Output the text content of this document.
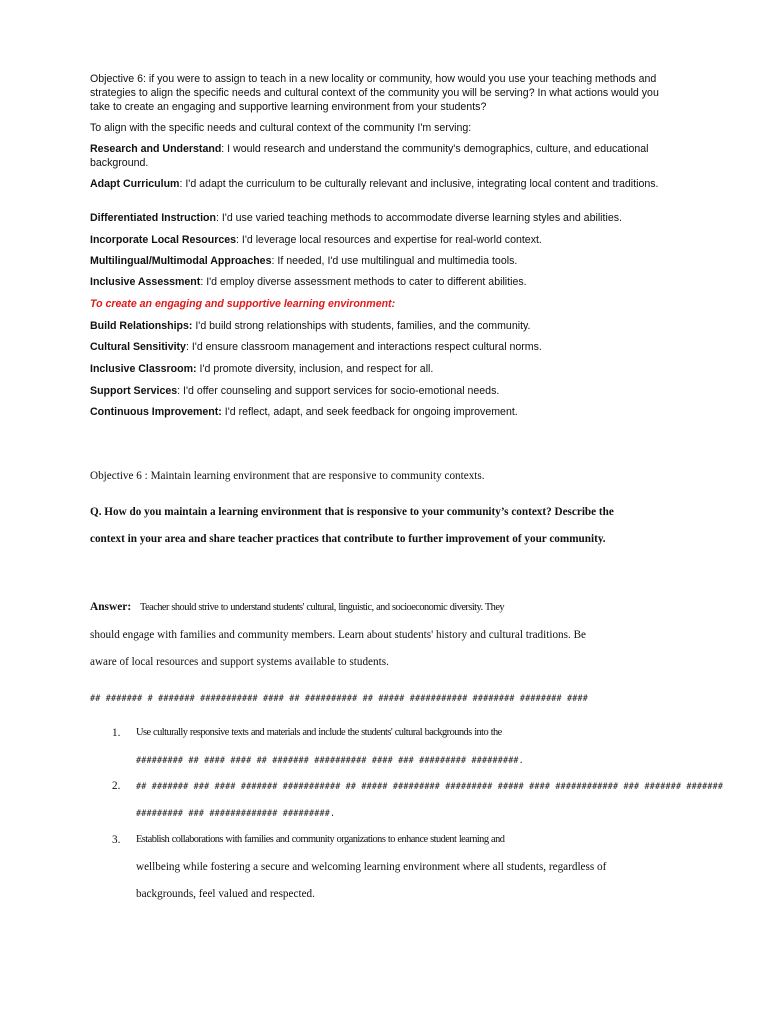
Objective 6: if you were to assign to teach in a new locality or community, how would you use your teaching methods and strategies to align the specific needs and cultural context of the community you will be serving? In what actions would you take to create an engaging and supportive learning environment from your students?
To align with the specific needs and cultural context of the community I'm serving:
Research and Understand: I would research and understand the community's demographics, culture, and educational background.
Adapt Curriculum: I'd adapt the curriculum to be culturally relevant and inclusive, integrating local content and traditions.
Differentiated Instruction: I'd use varied teaching methods to accommodate diverse learning styles and abilities.
Incorporate Local Resources: I'd leverage local resources and expertise for real-world context.
Multilingual/Multimodal Approaches: If needed, I'd use multilingual and multimedia tools.
Inclusive Assessment: I'd employ diverse assessment methods to cater to different abilities.
To create an engaging and supportive learning environment:
Build Relationships: I'd build strong relationships with students, families, and the community.
Cultural Sensitivity: I'd ensure classroom management and interactions respect cultural norms.
Inclusive Classroom: I'd promote diversity, inclusion, and respect for all.
Support Services: I'd offer counseling and support services for socio-emotional needs.
Continuous Improvement: I'd reflect, adapt, and seek feedback for ongoing improvement.
Objective 6 : Maintain learning environment that are responsive to community contexts.
Q. How do you maintain a learning environment that is responsive to your community’s context? Describe the
context in your area and share teacher practices that contribute to further improvement of your community.
Answer: Teacher should strive to understand students' cultural, linguistic, and socioeconomic diversity. They
should engage with families and community members. Learn about students' history and cultural traditions. Be
aware of local resources and support systems available to students.
## ####### # ####### ########### #### ## ########## ## ##### ########### ######## ######## ####
1. Use culturally responsive texts and materials and include the students' cultural backgrounds into the
######### ## #### #### ## ####### ########## #### ### ######### #########.
2. ## ####### ### #### ####### ########### ## ##### ######### ######### ##### #### ############ ### ####### #######
######### ### ############# #########.
3. Establish collaborations with families and community organizations to enhance student learning and
wellbeing while fostering a secure and welcoming learning environment where all students, regardless of
backgrounds, feel valued and respected.
